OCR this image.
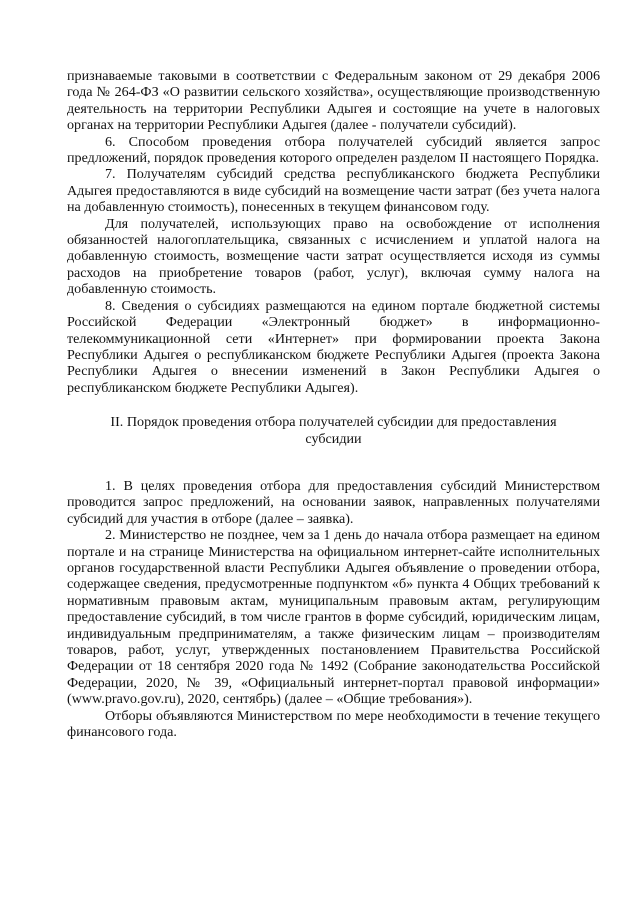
признаваемые таковыми в соответствии с Федеральным законом от 29 декабря 2006 года № 264-ФЗ «О развитии сельского хозяйства», осуществляющие производственную деятельность на территории Республики Адыгея и состоящие на учете в налоговых органах на территории Республики Адыгея (далее - получатели субсидий).

6. Способом проведения отбора получателей субсидий является запрос предложений, порядок проведения которого определен разделом II настоящего Порядка.

7. Получателям субсидий средства республиканского бюджета Республики Адыгея предоставляются в виде субсидий на возмещение части затрат (без учета налога на добавленную стоимость), понесенных в текущем финансовом году.

Для получателей, использующих право на освобождение от исполнения обязанностей налогоплательщика, связанных с исчислением и уплатой налога на добавленную стоимость, возмещение части затрат осуществляется исходя из суммы расходов на приобретение товаров (работ, услуг), включая сумму налога на добавленную стоимость.

8. Сведения о субсидиях размещаются на едином портале бюджетной системы Российской Федерации «Электронный бюджет» в информационно-телекоммуникационной сети «Интернет» при формировании проекта Закона Республики Адыгея о республиканском бюджете Республики Адыгея (проекта Закона Республики Адыгея о внесении изменений в Закон Республики Адыгея о республиканском бюджете Республики Адыгея).

II. Порядок проведения отбора получателей субсидии для предоставления субсидии

1. В целях проведения отбора для предоставления субсидий Министерством проводится запрос предложений, на основании заявок, направленных получателями субсидий для участия в отборе (далее – заявка).

2. Министерство не позднее, чем за 1 день до начала отбора размещает на едином портале и на странице Министерства на официальном интернет-сайте исполнительных органов государственной власти Республики Адыгея объявление о проведении отбора, содержащее сведения, предусмотренные подпунктом «б» пункта 4 Общих требований к нормативным правовым актам, муниципальным правовым актам, регулирующим предоставление субсидий, в том числе грантов в форме субсидий, юридическим лицам, индивидуальным предпринимателям, а также физическим лицам – производителям товаров, работ, услуг, утвержденных постановлением Правительства Российской Федерации от 18 сентября 2020 года № 1492 (Собрание законодательства Российской Федерации, 2020, № 39, «Официальный интернет-портал правовой информации» (www.pravo.gov.ru), 2020, сентябрь) (далее – «Общие требования»).

Отборы объявляются Министерством по мере необходимости в течение текущего финансового года.
